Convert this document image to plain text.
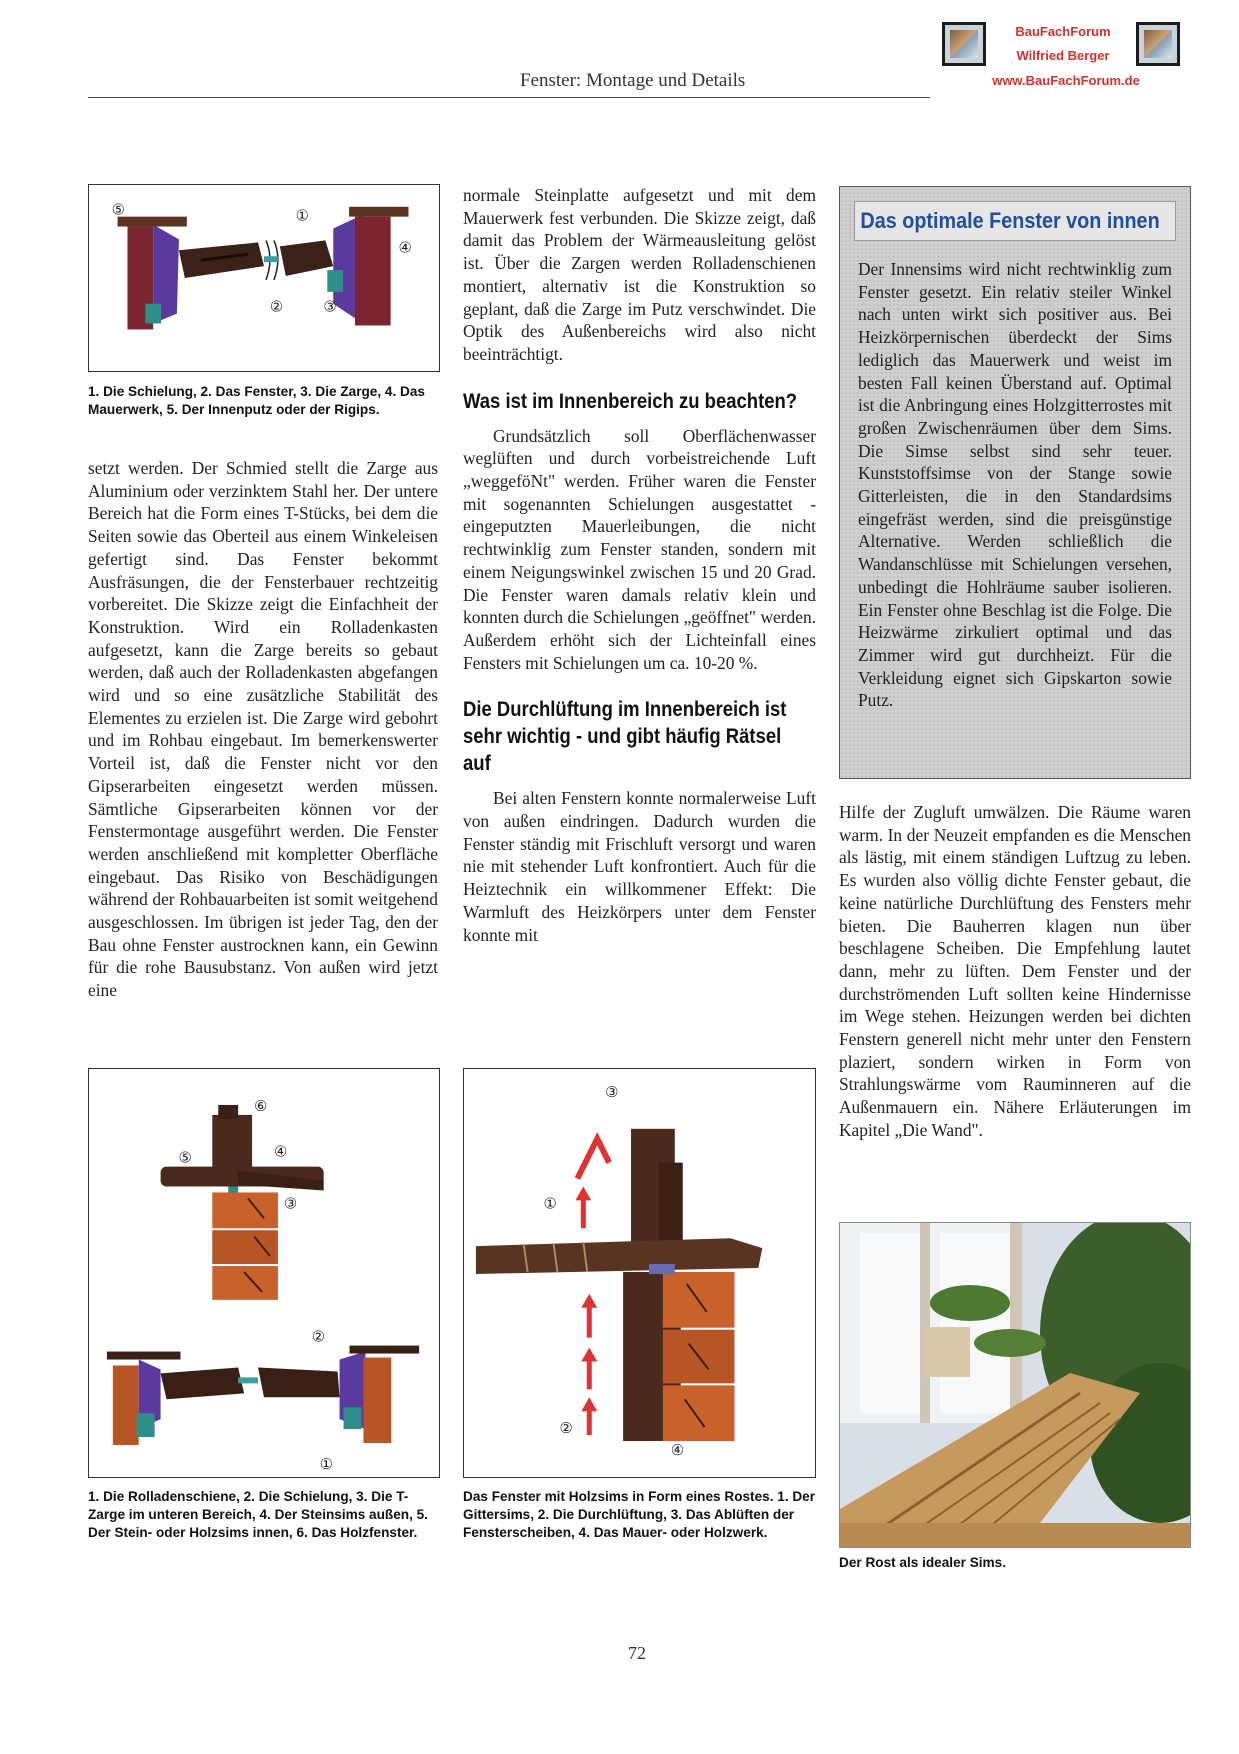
Fenster: Montage und Details
BauFachForum
Wilfried Berger
www.BauFachForum.de
⑤	①
④
②	③
1. Die Schielung, 2. Das Fenster, 3. Die Zarge, 4. Das Mauerwerk, 5. Der Innenputz oder der Rigips.

setzt werden. Der Schmied stellt die Zarge aus Aluminium oder verzinktem Stahl her. Der untere Bereich hat die Form eines T-Stücks, bei dem die Seiten sowie das Oberteil aus einem Winkeleisen gefertigt sind. Das Fenster bekommt Ausfräsungen, die der Fensterbauer rechtzeitig vorbereitet. Die Skizze zeigt die Einfachheit der Konstruktion. Wird ein Rolladenkasten aufgesetzt, kann die Zarge bereits so gebaut werden, daß auch der Rolladenkasten abgefangen wird und so eine zusätzliche Stabilität des Elementes zu erzielen ist. Die Zarge wird gebohrt und im Rohbau eingebaut. Im bemerkenswerter Vorteil ist, daß die Fenster nicht vor den Gipserarbeiten eingesetzt werden müssen. Sämtliche Gipserarbeiten können vor der Fenstermontage ausgeführt werden. Die Fenster werden anschließend mit kompletter Oberfläche eingebaut. Das Risiko von Beschädigungen während der Rohbauarbeiten ist somit weitgehend ausgeschlossen. Im übrigen ist jeder Tag, den der Bau ohne Fenster austrocknen kann, ein Gewinn für die rohe Bausubstanz. Von außen wird jetzt eine

normale Steinplatte aufgesetzt und mit dem Mauerwerk fest verbunden. Die Skizze zeigt, daß damit das Problem der Wärmeausleitung gelöst ist. Über die Zargen werden Rolladenschienen montiert, alternativ ist die Konstruktion so geplant, daß die Zarge im Putz verschwindet. Die Optik des Außenbereichs wird also nicht beeinträchtigt.

Was ist im Innenbereich zu beachten?

Grundsätzlich soll Oberflächenwasser weglüften und durch vorbeistreichende Luft „weggeföNt" werden. Früher waren die Fenster mit sogenannten Schielungen ausgestattet - eingeputzten Mauerleibungen, die nicht rechtwinklig zum Fenster standen, sondern mit einem Neigungswinkel zwischen 15 und 20 Grad. Die Fenster waren damals relativ klein und konnten durch die Schielungen „geöffnet" werden. Außerdem erhöht sich der Lichteinfall eines Fensters mit Schielungen um ca. 10-20 %.

Die Durchlüftung im Innenbereich ist sehr wichtig - und gibt häufig Rätsel auf

Bei alten Fenstern konnte normalerweise Luft von außen eindringen. Dadurch wurden die Fenster ständig mit Frischluft versorgt und waren nie mit stehender Luft konfrontiert. Auch für die Heiztechnik ein willkommener Effekt: Die Warmluft des Heizkörpers unter dem Fenster konnte mit

Das optimale Fenster von innen
Der Innensims wird nicht rechtwinklig zum Fenster gesetzt. Ein relativ steiler Winkel nach unten wirkt sich positiver aus. Bei Heizkörpernischen überdeckt der Sims lediglich das Mauerwerk und weist im besten Fall keinen Überstand auf. Optimal ist die Anbringung eines Holzgitterrostes mit großen Zwischenräumen über dem Sims. Die Simse selbst sind sehr teuer. Kunststoffsimse von der Stange sowie Gitterleisten, die in den Standardsims eingefräst werden, sind die preisgünstige Alternative. Werden schließlich die Wandanschlüsse mit Schielungen versehen, unbedingt die Hohlräume sauber isolieren. Ein Fenster ohne Beschlag ist die Folge. Die Heizwärme zirkuliert optimal und das Zimmer wird gut durchheizt. Für die Verkleidung eignet sich Gipskarton sowie Putz.

Hilfe der Zugluft umwälzen. Die Räume waren warm. In der Neuzeit empfanden es die Menschen als lästig, mit einem ständigen Luftzug zu leben. Es wurden also völlig dichte Fenster gebaut, die keine natürliche Durchlüftung des Fensters mehr bieten. Die Bauherren klagen nun über beschlagene Scheiben. Die Empfehlung lautet dann, mehr zu lüften. Dem Fenster und der durchströmenden Luft sollten keine Hindernisse im Wege stehen. Heizungen werden bei dichten Fenstern generell nicht mehr unter den Fenstern plaziert, sondern wirken in Form von Strahlungswärme vom Rauminneren auf die Außenmauern ein. Nähere Erläuterungen im Kapitel „Die Wand".

⑥
⑤	④
③
②
①
1. Die Rolladenschiene, 2. Die Schielung, 3. Die T-Zarge im unteren Bereich, 4. Der Steinsims außen, 5. Der Stein- oder Holzsims innen, 6. Das Holzfenster.
③
①
②
④
Das Fenster mit Holzsims in Form eines Rostes. 1. Der Gittersims, 2. Die Durchlüftung, 3. Das Ablüften der Fensterscheiben, 4. Das Mauer- oder Holzwerk.
Der Rost als idealer Sims.
72
